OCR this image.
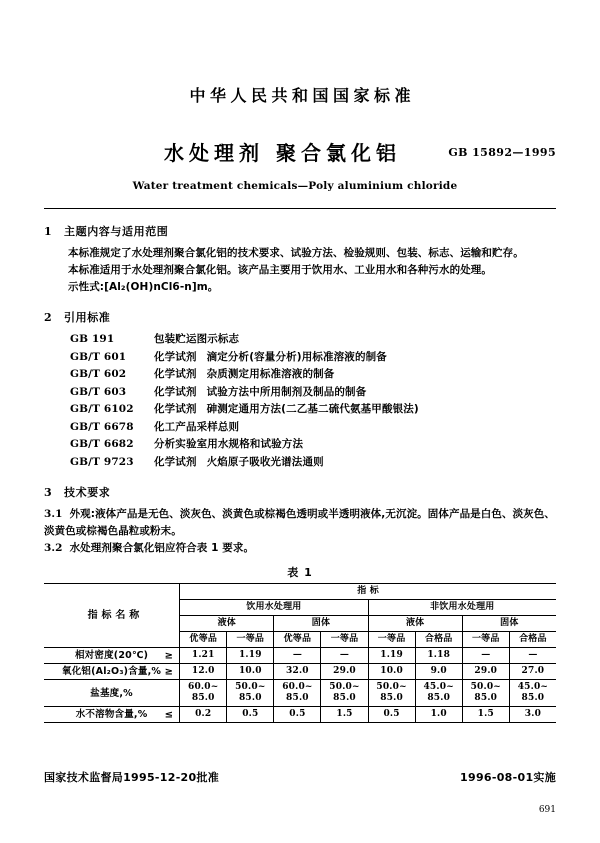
中华人民共和国国家标准
水处理剂 聚合氯化铝	GB 15892—1995
Water treatment chemicals—Poly aluminium chloride
1 主题内容与适用范围

本标准规定了水处理剂聚合氯化铝的技术要求、试验方法、检验规则、包装、标志、运输和贮存。

本标准适用于水处理剂聚合氯化铝。该产品主要用于饮用水、工业用水和各种污水的处理。

示性式:[Al₂(OH)nCl6-n]m。

2 引用标准
GB 191	包装贮运图示标志
GB/T 601	化学试剂 滴定分析(容量分析)用标准溶液的制备
GB/T 602	化学试剂 杂质测定用标准溶液的制备
GB/T 603	化学试剂 试验方法中所用制剂及制品的制备
GB/T 6102 化学试剂 砷测定通用方法(二乙基二硫代氨基甲酸银法)
GB/T 6678 化工产品采样总则
GB/T 6682 分析实验室用水规格和试验方法
GB/T 9723 化学试剂 火焰原子吸收光谱法通则
3 技术要求

3.1 外观:液体产品是无色、淡灰色、淡黄色或棕褐色透明或半透明液体,无沉淀。固体产品是白色、淡灰色、淡黄色或棕褐色晶粒或粉末。

3.2 水处理剂聚合氯化铝应符合表 1 要求。

表 1
指 标 名 称	指 标							
	饮用水处理用				非饮用水处理用			
	液体		固体		液体		固体	
	优等品	一等品	优等品	一等品	一等品	合格品	一等品	合格品
相对密度(20℃) ≥	1.21	1.19	—	—	1.19	1.18	—	—
氧化铝(Al₂O₃)含量,% ≥	12.0	10.0	32.0	29.0	10.0	9.0	29.0	27.0
盐基度,%	60.0~ 85.0	50.0~ 85.0	60.0~ 85.0	50.0~ 85.0	50.0~ 85.0	45.0~ 85.0	50.0~ 85.0	45.0~ 85.0
水不溶物含量,% ≤	0.2	0.5	0.5	1.5	0.5	1.0	1.5	3.0
国家技术监督局1995-12-20批准	1996-08-01实施
691
